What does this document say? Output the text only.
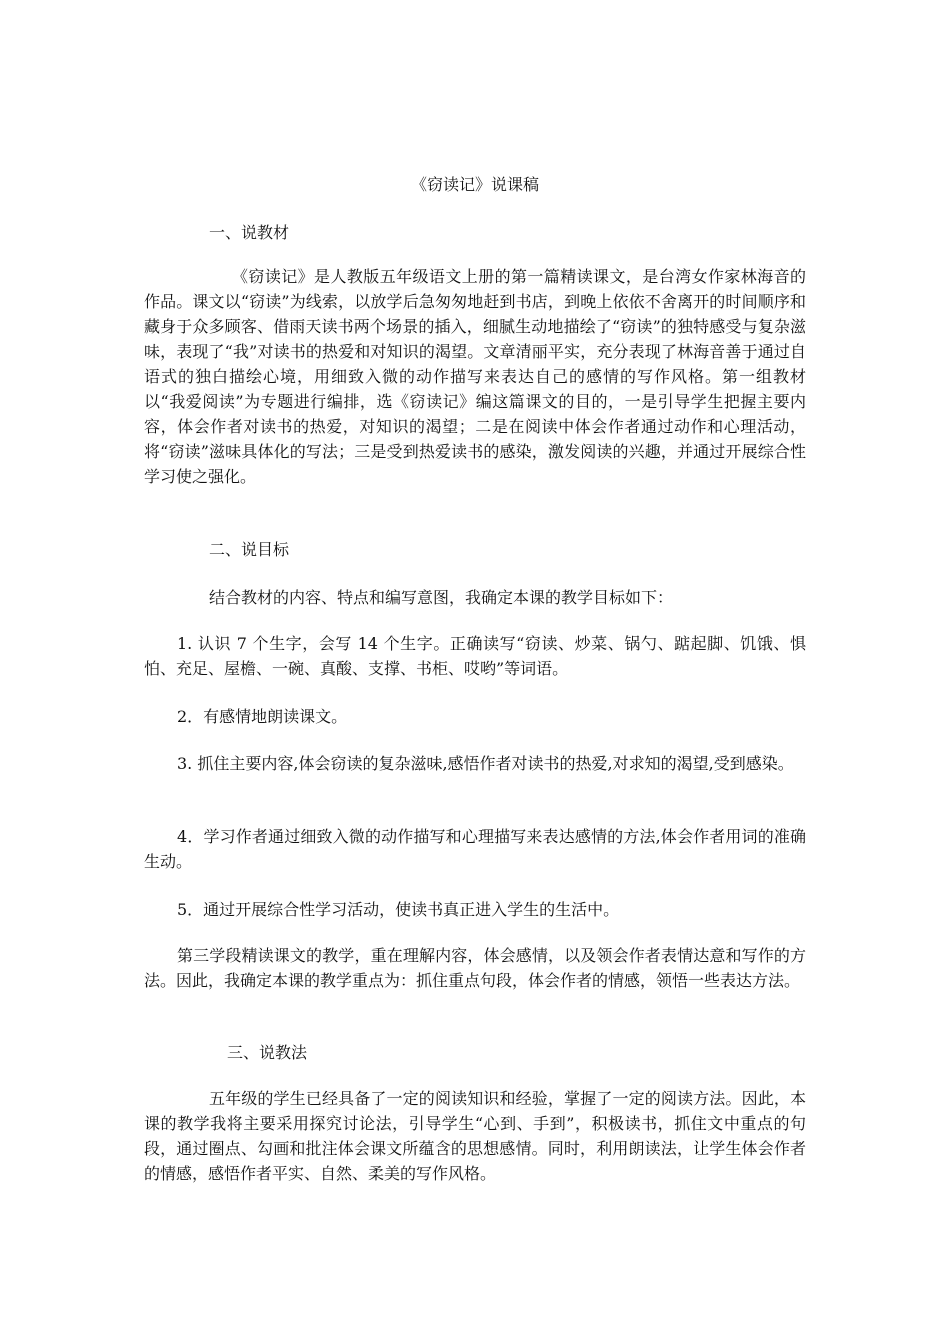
《窃读记》说课稿
一、说教材

《窃读记》是人教版五年级语文上册的第一篇精读课文，是台湾女作家林海音的作品。课文以“窃读”为线索，以放学后急匆匆地赶到书店，到晚上依依不舍离开的时间顺序和藏身于众多顾客、借雨天读书两个场景的插入，细腻生动地描绘了“窃读”的独特感受与复杂滋味，表现了“我”对读书的热爱和对知识的渴望。文章清丽平实，充分表现了林海音善于通过自语式的独白描绘心境，用细致入微的动作描写来表达自己的感情的写作风格。第一组教材以“我爱阅读”为专题进行编排，选《窃读记》编这篇课文的目的，一是引导学生把握主要内容，体会作者对读书的热爱，对知识的渴望；二是在阅读中体会作者通过动作和心理活动，将“窃读”滋味具体化的写法；三是受到热爱读书的感染，激发阅读的兴趣，并通过开展综合性学习使之强化。

二、说目标

结合教材的内容、特点和编写意图，我确定本课的教学目标如下：

1. 认识 7 个生字，会写 14 个生字。正确读写“窃读、炒菜、锅勺、踮起脚、饥饿、惧怕、充足、屋檐、一碗、真酸、支撑、书柜、哎哟”等词语。

2．有感情地朗读课文。

3. 抓住主要内容,体会窃读的复杂滋味,感悟作者对读书的热爱,对求知的渴望,受到感染。

4．学习作者通过细致入微的动作描写和心理描写来表达感情的方法,体会作者用词的准确生动。

5．通过开展综合性学习活动，使读书真正进入学生的生活中。

第三学段精读课文的教学，重在理解内容，体会感情，以及领会作者表情达意和写作的方法。因此，我确定本课的教学重点为：抓住重点句段，体会作者的情感，领悟一些表达方法。

三、说教法

五年级的学生已经具备了一定的阅读知识和经验，掌握了一定的阅读方法。因此，本课的教学我将主要采用探究讨论法，引导学生“心到、手到”，积极读书，抓住文中重点的句段，通过圈点、勾画和批注体会课文所蕴含的思想感情。同时，利用朗读法，让学生体会作者的情感，感悟作者平实、自然、柔美的写作风格。
